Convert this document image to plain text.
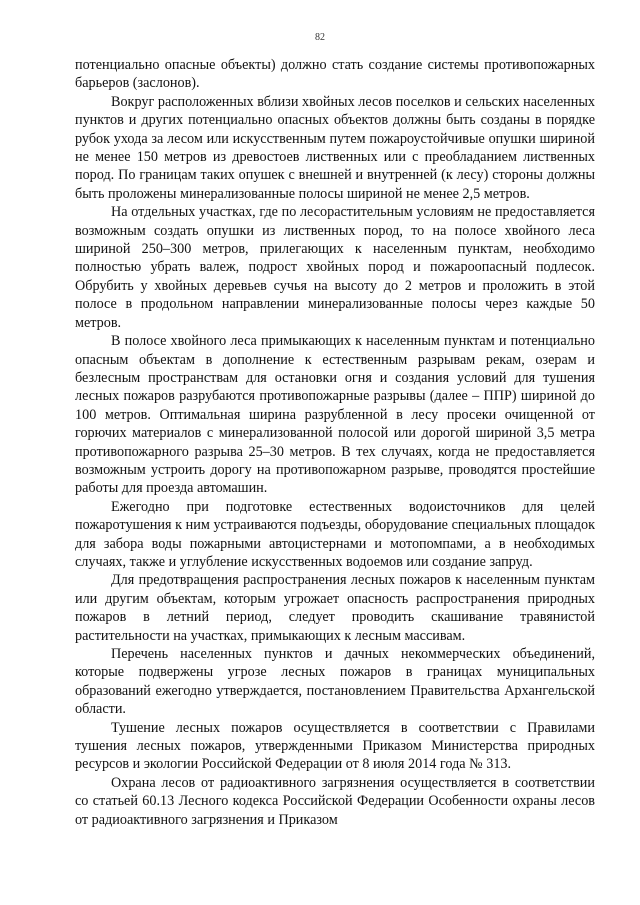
82

потенциально опасные объекты) должно стать создание системы противопожарных барьеров (заслонов).

Вокруг расположенных вблизи хвойных лесов поселков и сельских населенных пунктов и других потенциально опасных объектов должны быть созданы в порядке рубок ухода за лесом или искусственным путем пожароустойчивые опушки шириной не менее 150 метров из древостоев лиственных или с преобладанием лиственных пород. По границам таких опушек с внешней и внутренней (к лесу) стороны должны быть проложены минерализованные полосы шириной не менее 2,5 метров.

На отдельных участках, где по лесорастительным условиям не предоставляется возможным создать опушки из лиственных пород, то на полосе хвойного леса шириной 250–300 метров, прилегающих к населенным пунктам, необходимо полностью убрать валеж, подрост хвойных пород и пожароопасный подлесок. Обрубить у хвойных деревьев сучья на высоту до 2 метров и проложить в этой полосе в продольном направлении минерализованные полосы через каждые 50 метров.

В полосе хвойного леса примыкающих к населенным пунктам и потенциально опасным объектам в дополнение к естественным разрывам рекам, озерам и безлесным пространствам для остановки огня и создания условий для тушения лесных пожаров разрубаются противопожарные разрывы (далее – ППР) шириной до 100 метров. Оптимальная ширина разрубленной в лесу просеки очищенной от горючих материалов с минерализованной полосой или дорогой шириной 3,5 метра противопожарного разрыва 25–30 метров. В тех случаях, когда не предоставляется возможным устроить дорогу на противопожарном разрыве, проводятся простейшие работы для проезда автомашин.

Ежегодно при подготовке естественных водоисточников для целей пожаротушения к ним устраиваются подъезды, оборудование специальных площадок для забора воды пожарными автоцистернами и мотопомпами, а в необходимых случаях, также и углубление искусственных водоемов или создание запруд.

Для предотвращения распространения лесных пожаров к населенным пунктам или другим объектам, которым угрожает опасность распространения природных пожаров в летний период, следует проводить скашивание травянистой растительности на участках, примыкающих к лесным массивам.

Перечень населенных пунктов и дачных некоммерческих объединений, которые подвержены угрозе лесных пожаров в границах муниципальных образований ежегодно утверждается, постановлением Правительства Архангельской области.

Тушение лесных пожаров осуществляется в соответствии с Правилами тушения лесных пожаров, утвержденными Приказом Министерства природных ресурсов и экологии Российской Федерации от 8 июля 2014 года № 313.

Охрана лесов от радиоактивного загрязнения осуществляется в соответствии со статьей 60.13 Лесного кодекса Российской Федерации Особенности охраны лесов от радиоактивного загрязнения и Приказом
